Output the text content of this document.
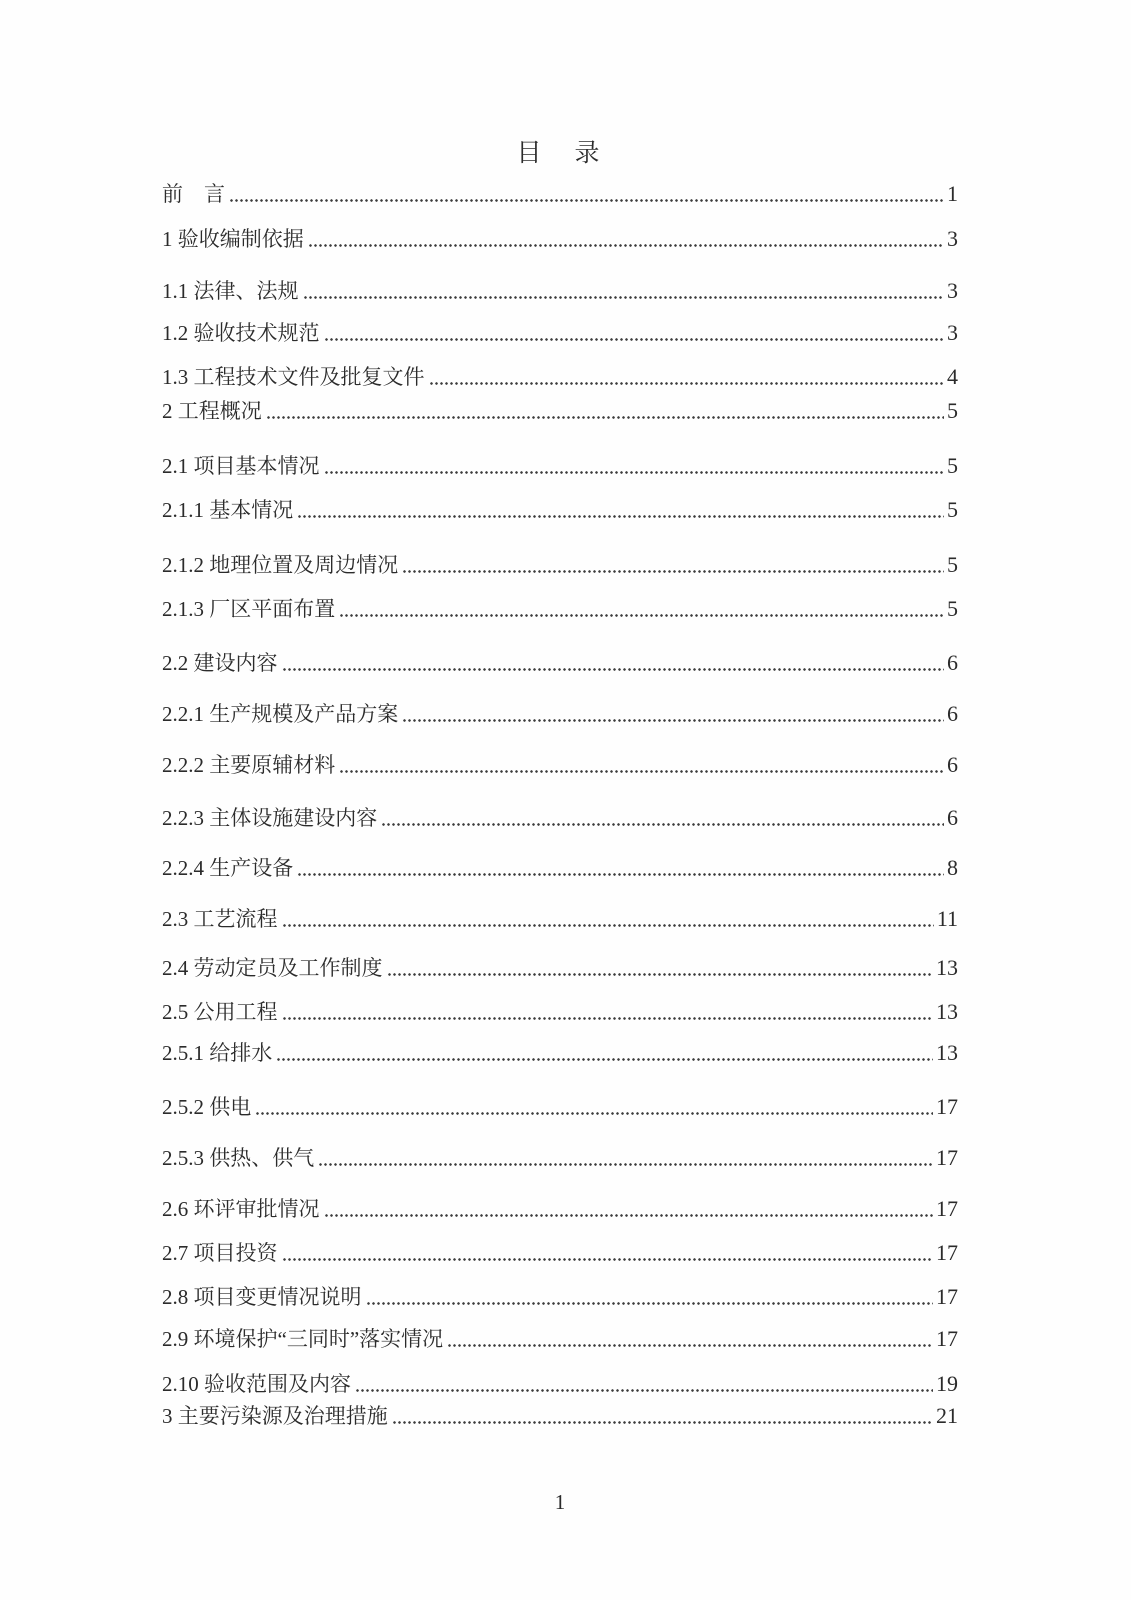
目　录
前　言	1
1 验收编制依据	3
1.1 法律、法规	3
1.2 验收技术规范	3
1.3 工程技术文件及批复文件	4
2 工程概况	5
2.1 项目基本情况	5
2.1.1 基本情况	5
2.1.2 地理位置及周边情况	5
2.1.3 厂区平面布置	5
2.2 建设内容	6
2.2.1 生产规模及产品方案	6
2.2.2 主要原辅材料	6
2.2.3 主体设施建设内容	6
2.2.4 生产设备	8
2.3 工艺流程	11
2.4 劳动定员及工作制度	13
2.5 公用工程	13
2.5.1 给排水	13
2.5.2 供电	17
2.5.3 供热、供气	17
2.6 环评审批情况	17
2.7 项目投资	17
2.8 项目变更情况说明	17
2.9 环境保护“三同时”落实情况	17
2.10 验收范围及内容	19
3 主要污染源及治理措施	21
1
